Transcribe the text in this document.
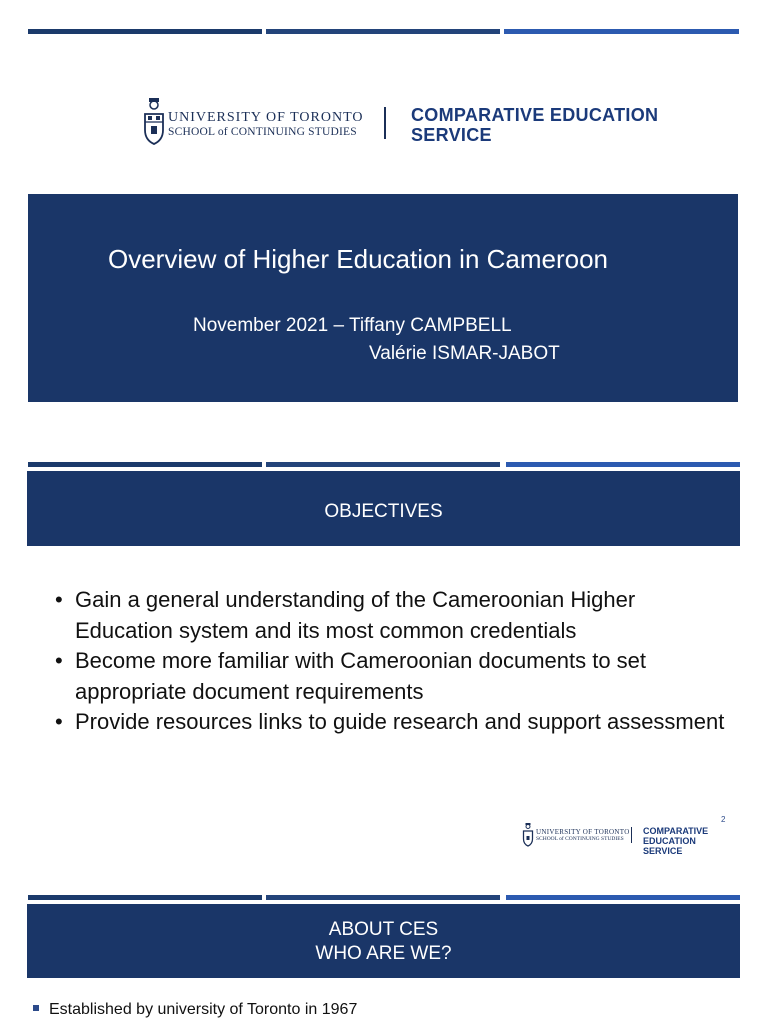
UNIVERSITY OF TORONTO
SCHOOL of CONTINUING STUDIES
COMPARATIVE EDUCATION
SERVICE
Overview of Higher Education in Cameroon
November 2021 – Tiffany CAMPBELL
Valérie ISMAR-JABOT
OBJECTIVES
• Gain a general understanding of the Cameroonian Higher Education system and its most common credentials
• Become more familiar with Cameroonian documents to set appropriate document requirements
• Provide resources links to guide research and support assessment
2
UNIVERSITY OF TORONTO
SCHOOL of CONTINUING STUDIES
COMPARATIVE EDUCATION
SERVICE
ABOUT CES
WHO ARE WE?
Established by university of Toronto in 1967
